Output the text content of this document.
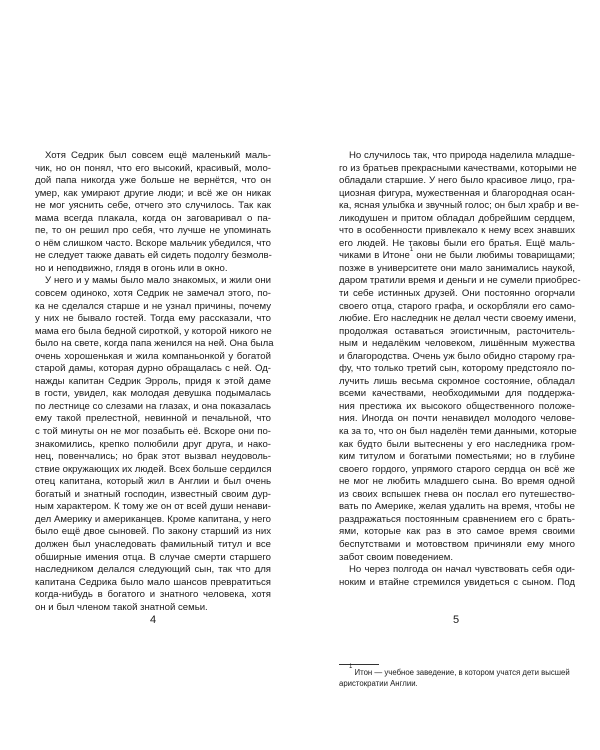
Хотя Седрик был совсем ещё маленький маль-
чик, но он понял, что его высокий, красивый, моло-
дой папа никогда уже больше не вернётся, что он
умер, как умирают другие люди; и всё же он никак
не мог уяснить себе, отчего это случилось. Так как
мама всегда плакала, когда он заговаривал о па-
пе, то он решил про себя, что лучше не упоминать
о нём слишком часто. Вскоре мальчик убедился, что
не следует также давать ей сидеть подолгу безмолв-
но и неподвижно, глядя в огонь или в окно.
У него и у мамы было мало знакомых, и жили они
совсем одиноко, хотя Седрик не замечал этого, по-
ка не сделался старше и не узнал причины, почему
у них не бывало гостей. Тогда ему рассказали, что
мама его была бедной сироткой, у которой никого не
было на свете, когда папа женился на ней. Она была
очень хорошенькая и жила компаньонкой у богатой
старой дамы, которая дурно обращалась с ней. Од-
нажды капитан Седрик Эрроль, придя к этой даме
в гости, увидел, как молодая девушка подымалась
по лестнице со слезами на глазах, и она показалась
ему такой прелестной, невинной и печальной, что
с той минуты он не мог позабыть её. Вскоре они по-
знакомились, крепко полюбили друг друга, и нако-
нец, повенчались; но брак этот вызвал неудоволь-
ствие окружающих их людей. Всех больше сердился
отец капитана, который жил в Англии и был очень
богатый и знатный господин, известный своим дур-
ным характером. К тому же он от всей души ненави-
дел Америку и американцев. Кроме капитана, у него
было ещё двое сыновей. По закону старший из них
должен был унаследовать фамильный титул и все
обширные имения отца. В случае смерти старшего
наследником делался следующий сын, так что для
капитана Седрика было мало шансов превратиться
когда-нибудь в богатого и знатного человека, хотя
он и был членом такой знатной семьи.
4
Но случилось так, что природа наделила младше-
го из братьев прекрасными качествами, которыми не
обладали старшие. У него было красивое лицо, гра-
циозная фигура, мужественная и благородная осан-
ка, ясная улыбка и звучный голос; он был храбр и ве-
ликодушен и притом обладал добрейшим сердцем,
что в особенности привлекало к нему всех знавших
его людей. Не таковы были его братья. Ещё маль-
чиками в Итоне$^1$ они не были любимы товарищами;
позже в университете они мало занимались наукой,
даром тратили время и деньги и не сумели приобрес-
ти себе истинных друзей. Они постоянно огорчали
своего отца, старого графа, и оскорбляли его само-
любие. Его наследник не делал чести своему имени,
продолжая оставаться эгоистичным, расточитель-
ным и недалёким человеком, лишённым мужества
и благородства. Очень уж было обидно старому гра-
фу, что только третий сын, которому предстояло по-
лучить лишь весьма скромное состояние, обладал
всеми качествами, необходимыми для поддержа-
ния престижа их высокого общественного положе-
ния. Иногда он почти ненавидел молодого челове-
ка за то, что он был наделён теми данными, которые
как будто были вытеснены у его наследника гром-
ким титулом и богатыми поместьями; но в глубине
своего гордого, упрямого старого сердца он всё же
не мог не любить младшего сына. Во время одной
из своих вспышек гнева он послал его путешество-
вать по Америке, желая удалить на время, чтобы не
раздражаться постоянным сравнением его с брать-
ями, которые как раз в это самое время своими
беспутствами и мотовством причиняли ему много
забот своим поведением.
Но через полгода он начал чувствовать себя оди-
ноким и втайне стремился увидеться с сыном. Под
$^1$ Итон — учебное заведение, в котором учатся дети высшей
аристократии Англии.
5
